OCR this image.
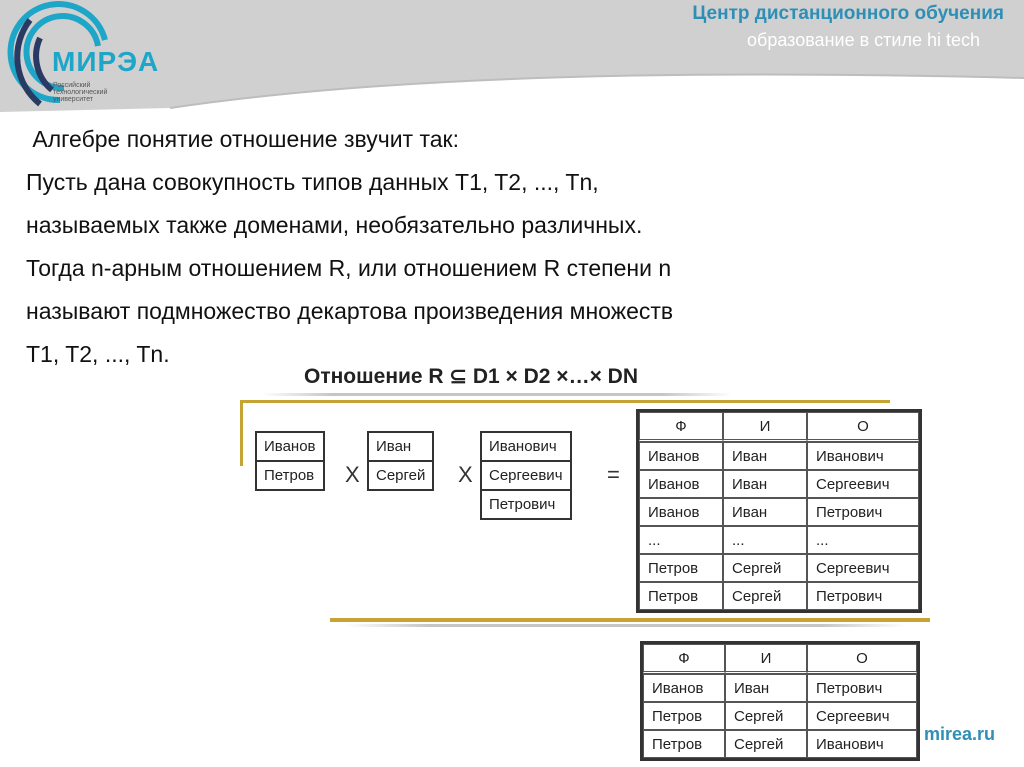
МИРЭА
Российский технологический университет
Центр дистанционного обучения
образование в стиле hi tech
Алгебре понятие отношение звучит так:
Пусть дана совокупность типов данных T1, T2, ..., Tn,
называемых также доменами, необязательно различных.
Тогда n-арным отношением R, или отношением R степени n
называют подмножество декартова произведения множеств
T1, T2, ..., Tn.
Отношение R ⊆ D1 × D2 ×…× DN
Иванов
Петров X
Иван
Сергей X
Иванович
Сергеевич
Петрович
=
Ф	И	О
Иванов	Иван	Иванович
Иванов	Иван	Сергеевич
Иванов	Иван	Петрович
...	...	...
Петров	Сергей	Сергеевич
Петров	Сергей	Петрович
Ф	И	О
Иванов	Иван	Петрович
Петров	Сергей	Сергеевич
Петров	Сергей	Иванович mirea.ru
